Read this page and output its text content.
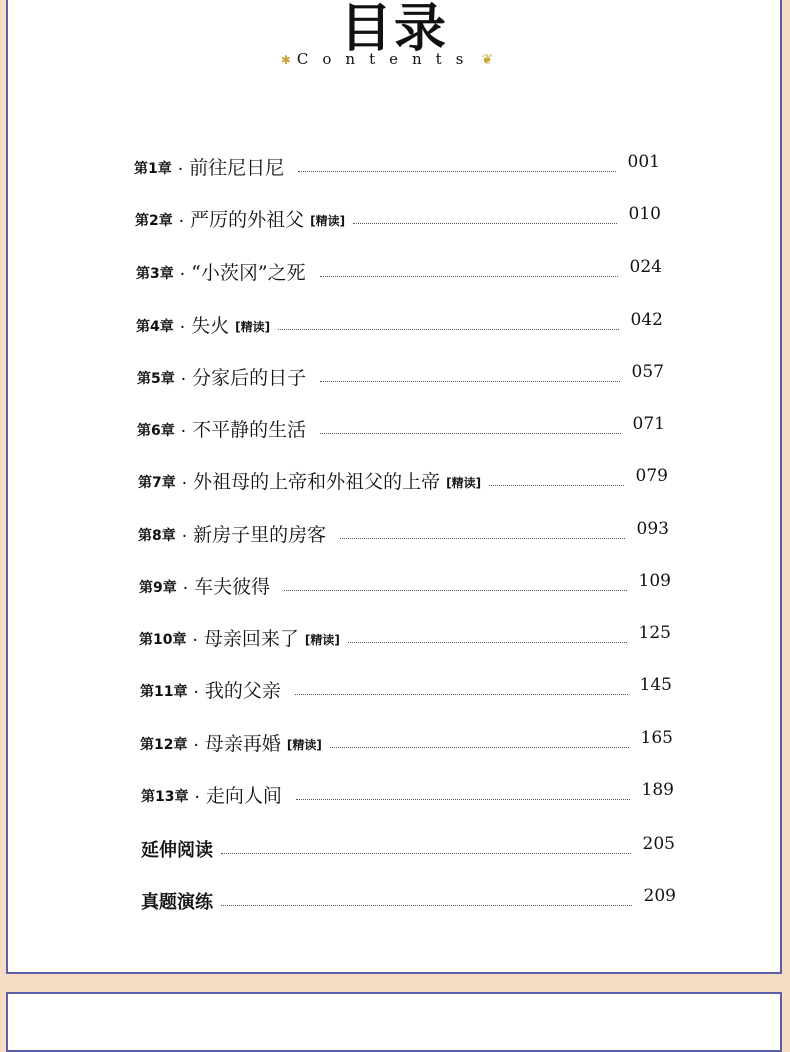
目录
✱Contents ❦
第1章 · 前往尼日尼	001
第2章 · 严厉的外祖父 [精读]	010
第3章 · “小茨冈”之死	024
第4章 · 失火 [精读]	042
第5章 · 分家后的日子	057
第6章 · 不平静的生活	071
第7章 · 外祖母的上帝和外祖父的上帝 [精读]	079
第8章 · 新房子里的房客	093
第9章 · 车夫彼得	109
第10章 · 母亲回来了 [精读]	125
第11章 · 我的父亲	145
第12章 · 母亲再婚 [精读]	165
第13章 · 走向人间	189
延伸阅读	205
真题演练	209
